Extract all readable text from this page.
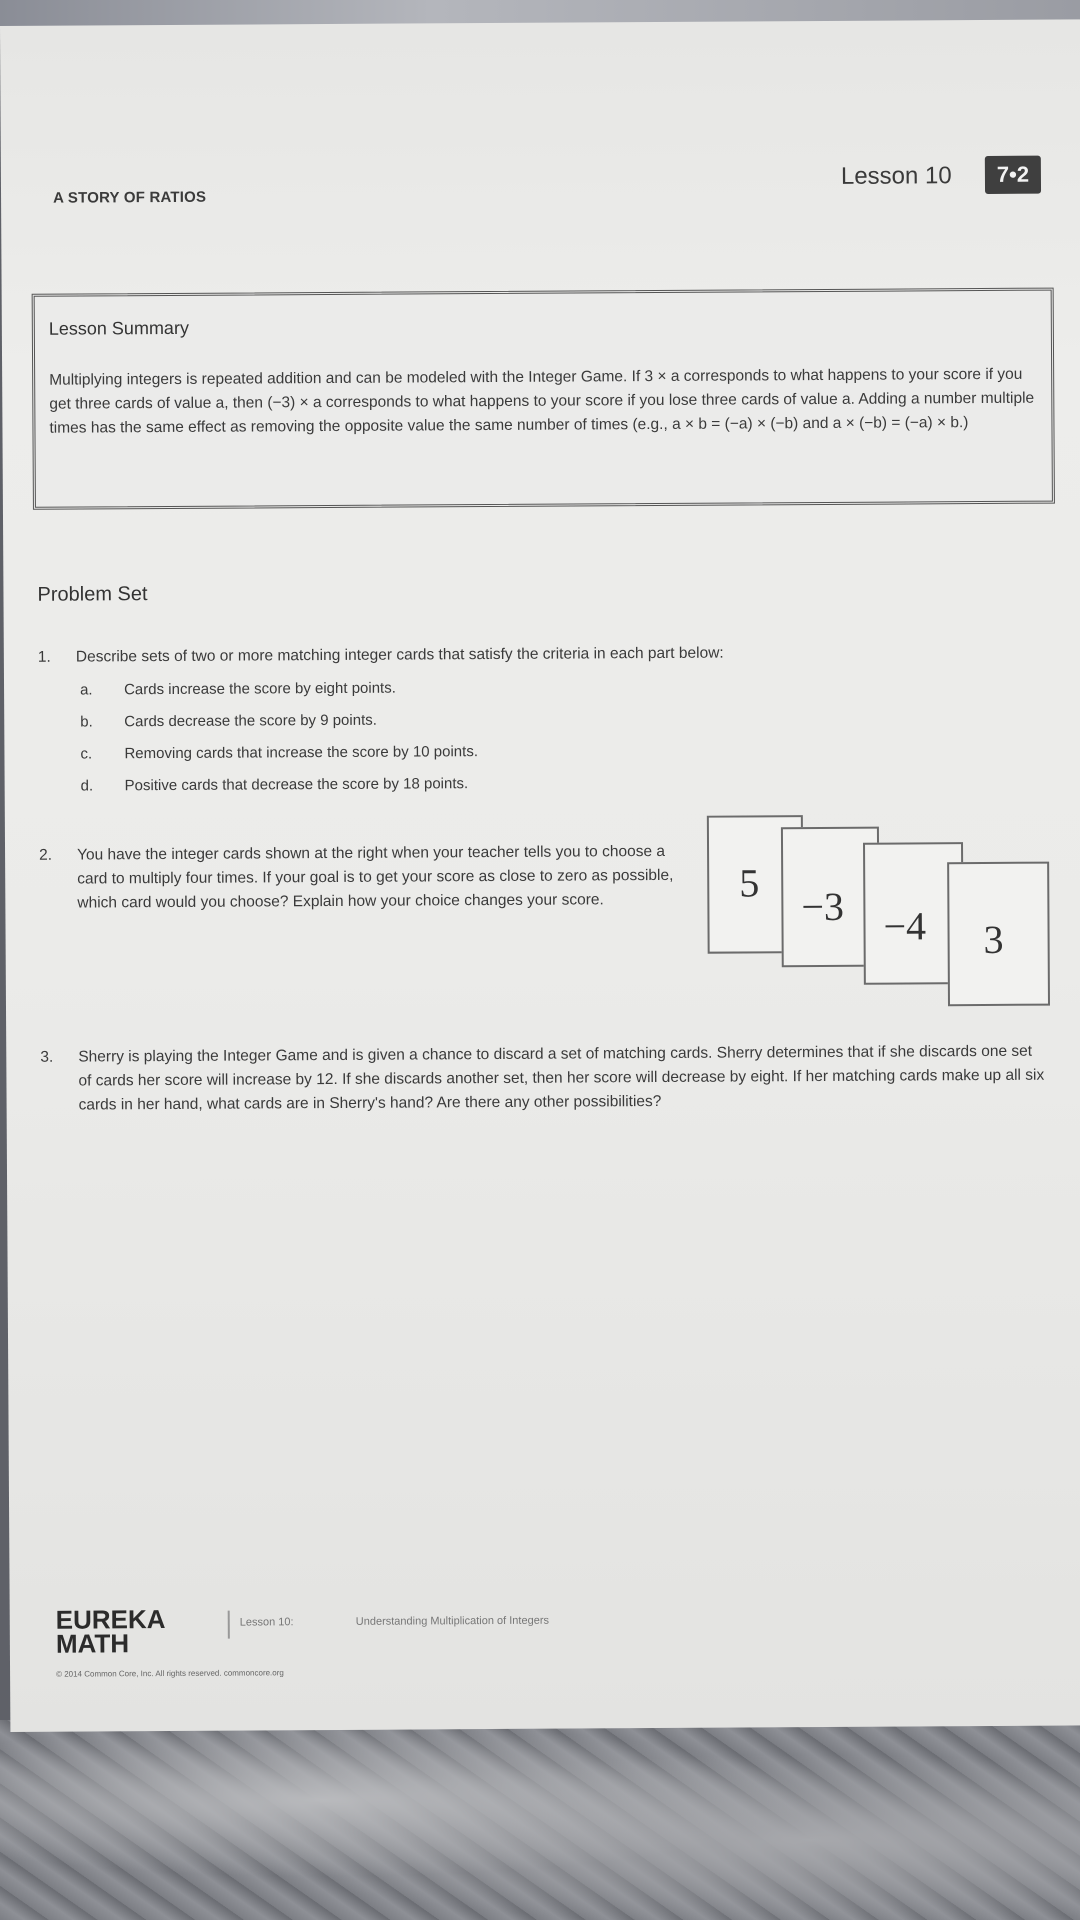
A STORY OF RATIOS
Lesson 10	7•2
Lesson Summary
Multiplying integers is repeated addition and can be modeled with the Integer Game. If 3 × a corresponds to what happens to your score if you get three cards of value a, then (−3) × a corresponds to what happens to your score if you lose three cards of value a. Adding a number multiple times has the same effect as removing the opposite value the same number of times (e.g., a × b = (−a) × (−b) and a × (−b) = (−a) × b.)
Problem Set
1. Describe sets of two or more matching integer cards that satisfy the criteria in each part below:
a. Cards increase the score by eight points.
b. Cards decrease the score by 9 points.
c. Removing cards that increase the score by 10 points.
d. Positive cards that decrease the score by 18 points.
2. You have the integer cards shown at the right when your teacher tells you to choose a card to multiply four times. If your goal is to get your score as close to zero as possible, which card would you choose? Explain how your choice changes your score.	5
−3 −4 3
3. Sherry is playing the Integer Game and is given a chance to discard a set of matching cards. Sherry determines that if she discards one set of cards her score will increase by 12. If she discards another set, then her score will decrease by eight. If her matching cards make up all six cards in her hand, what cards are in Sherry's hand? Are there any other possibilities?
EUREKA
MATH
Lesson 10:	Understanding Multiplication of Integers
© 2014 Common Core, Inc. All rights reserved. commoncore.org
